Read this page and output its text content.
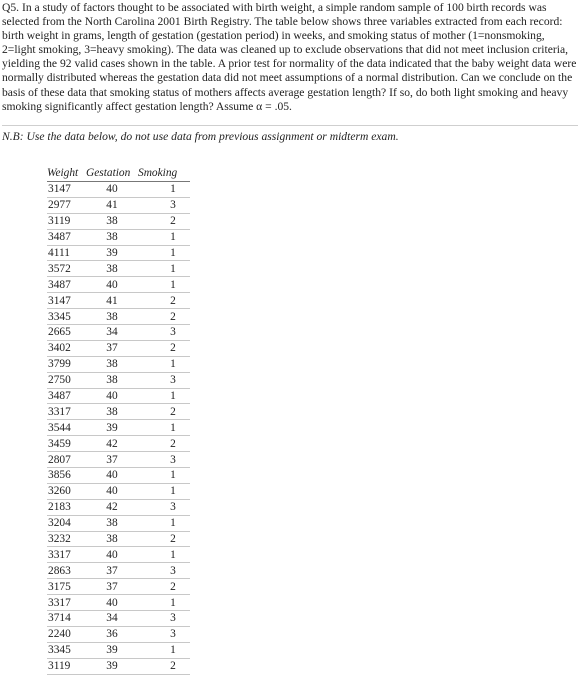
Q5. In a study of factors thought to be associated with birth weight, a simple random sample of 100 birth records was selected from the North Carolina 2001 Birth Registry. The table below shows three variables extracted from each record: birth weight in grams, length of gestation (gestation period) in weeks, and smoking status of mother (1=nonsmoking, 2=light smoking, 3=heavy smoking). The data was cleaned up to exclude observations that did not meet inclusion criteria, yielding the 92 valid cases shown in the table. A prior test for normality of the data indicated that the baby weight data were normally distributed whereas the gestation data did not meet assumptions of a normal distribution. Can we conclude on the basis of these data that smoking status of mothers affects average gestation length? If so, do both light smoking and heavy smoking significantly affect gestation length? Assume α = .05.

N.B: Use the data below, do not use data from previous assignment or midterm exam.
Weight	Gestation	Smoking
3147	40	1
2977	41	3
3119	38	2
3487	38	1
4111	39	1
3572	38	1
3487	40	1
3147	41	2
3345	38	2
2665	34	3
3402	37	2
3799	38	1
2750	38	3
3487	40	1
3317	38	2
3544	39	1
3459	42	2
2807	37	3
3856	40	1
3260	40	1
2183	42	3
3204	38	1
3232	38	2
3317	40	1
2863	37	3
3175	37	2
3317	40	1
3714	34	3
2240	36	3
3345	39	1
3119	39	2
